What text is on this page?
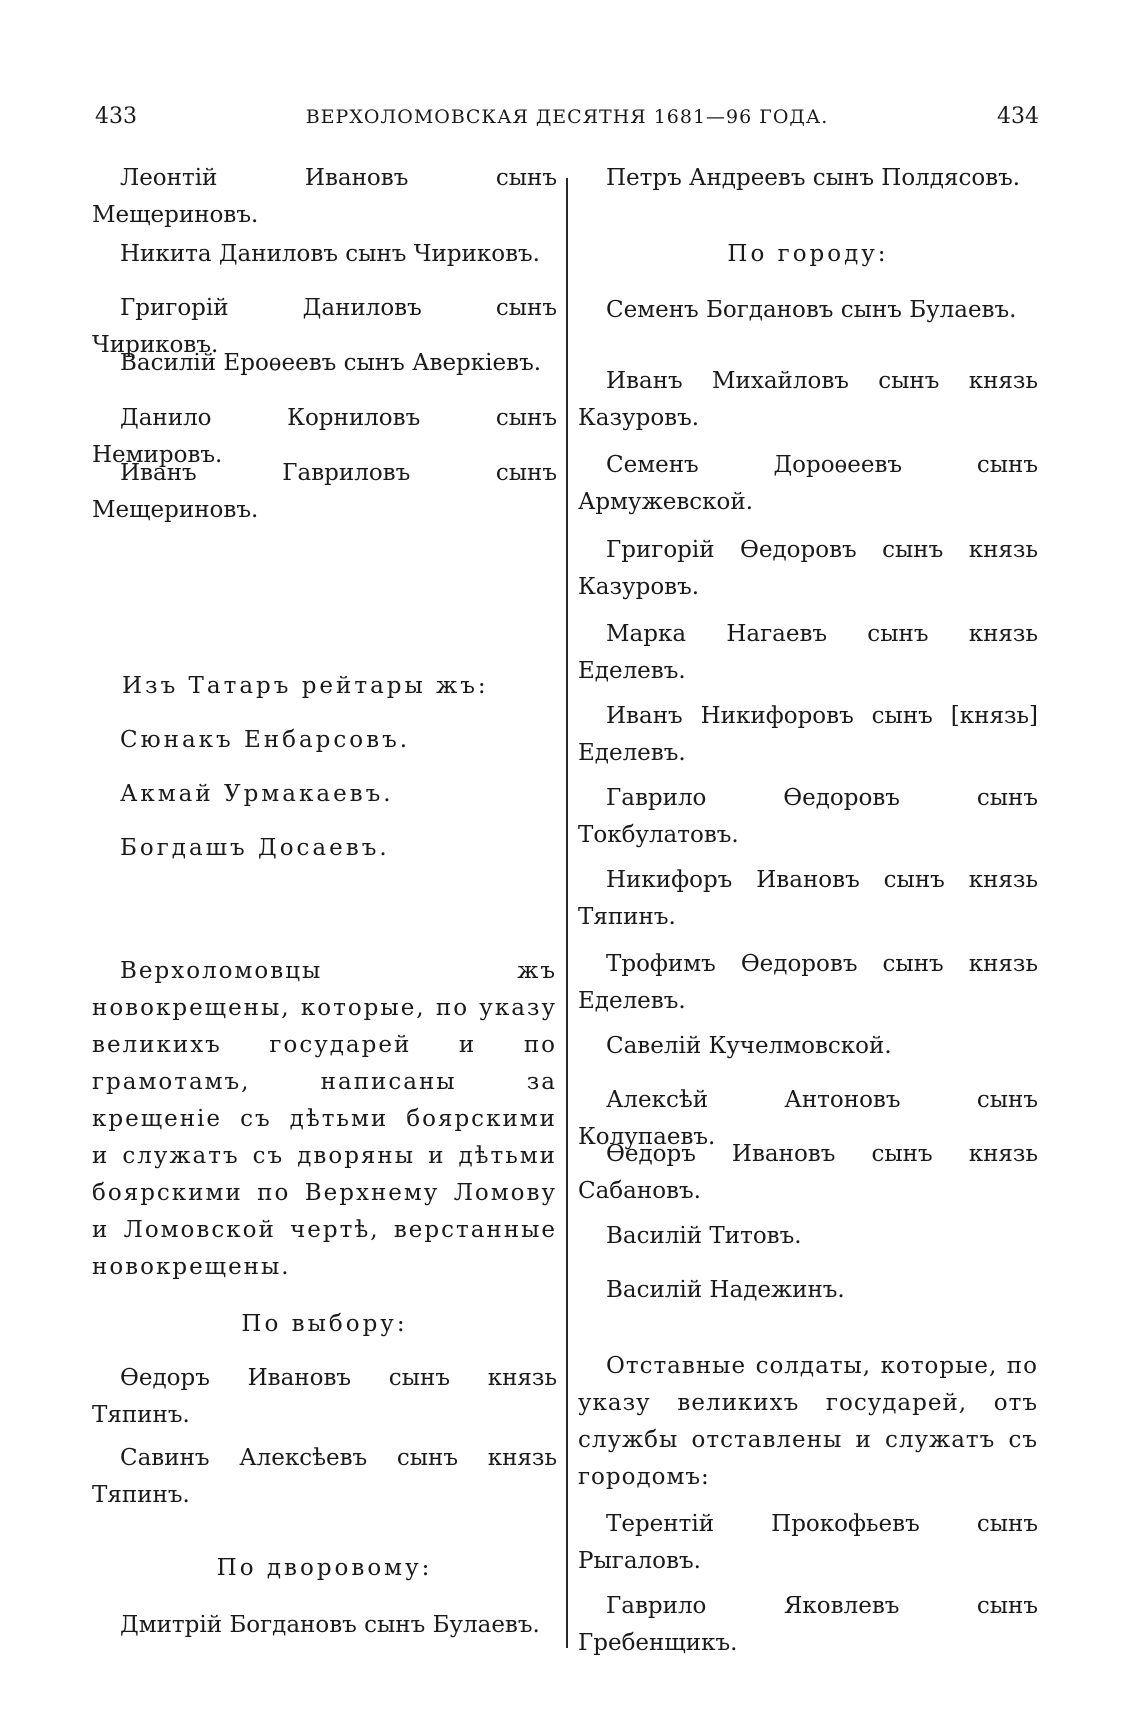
433	ВЕРХОЛОМОВСКАЯ ДЕСЯТНЯ 1681—96 ГОДА.	434

Леонтій Ивановъ сынъ Мещериновъ.

Никита Даниловъ сынъ Чириковъ.

Григорій Даниловъ сынъ Чириковъ.

Василій Ероѳеевъ сынъ Аверкіевъ.

Данило Корниловъ сынъ Немировъ.

Иванъ Гавриловъ сынъ Мещериновъ.

Изъ Татаръ рейтары жъ:

Сюнакъ Енбарсовъ.

Акмай Урмакаевъ.

Богдашъ Досаевъ.

Верхоломовцы жъ новокрещены, которые, по указу великихъ государей и по грамотамъ, написаны за крещеніе съ дѣтьми боярскими и служатъ съ дворяны и дѣтьми боярскими по Верхнему Ломову и Ломовской чертѣ, верстанные новокрещены.

По выбору:

Ѳедоръ Ивановъ сынъ князь Тяпинъ.

Савинъ Алексѣевъ сынъ князь Тяпинъ.

По дворовому:

Дмитрій Богдановъ сынъ Булаевъ.

Петръ Андреевъ сынъ Полдясовъ.

По городу:

Семенъ Богдановъ сынъ Булаевъ.

Иванъ Михайловъ сынъ князь Казуровъ.

Семенъ Дороѳеевъ сынъ Армужевской.

Григорій Ѳедоровъ сынъ князь Казуровъ.

Марка Нагаевъ сынъ князь Еделевъ.

Иванъ Никифоровъ сынъ [князь] Еделевъ.

Гаврило Ѳедоровъ сынъ Токбулатовъ.

Никифоръ Ивановъ сынъ князь Тяпинъ.

Трофимъ Ѳедоровъ сынъ князь Еделевъ.

Савелій Кучелмовской.

Алексѣй Антоновъ сынъ Колупаевъ.

Ѳедоръ Ивановъ сынъ князь Сабановъ.

Василій Титовъ.

Василій Надежинъ.

Отставные солдаты, которые, по указу великихъ государей, отъ службы отставлены и служатъ съ городомъ:

Терентій Прокофьевъ сынъ Рыгаловъ.

Гаврило Яковлевъ сынъ Гребенщикъ.
